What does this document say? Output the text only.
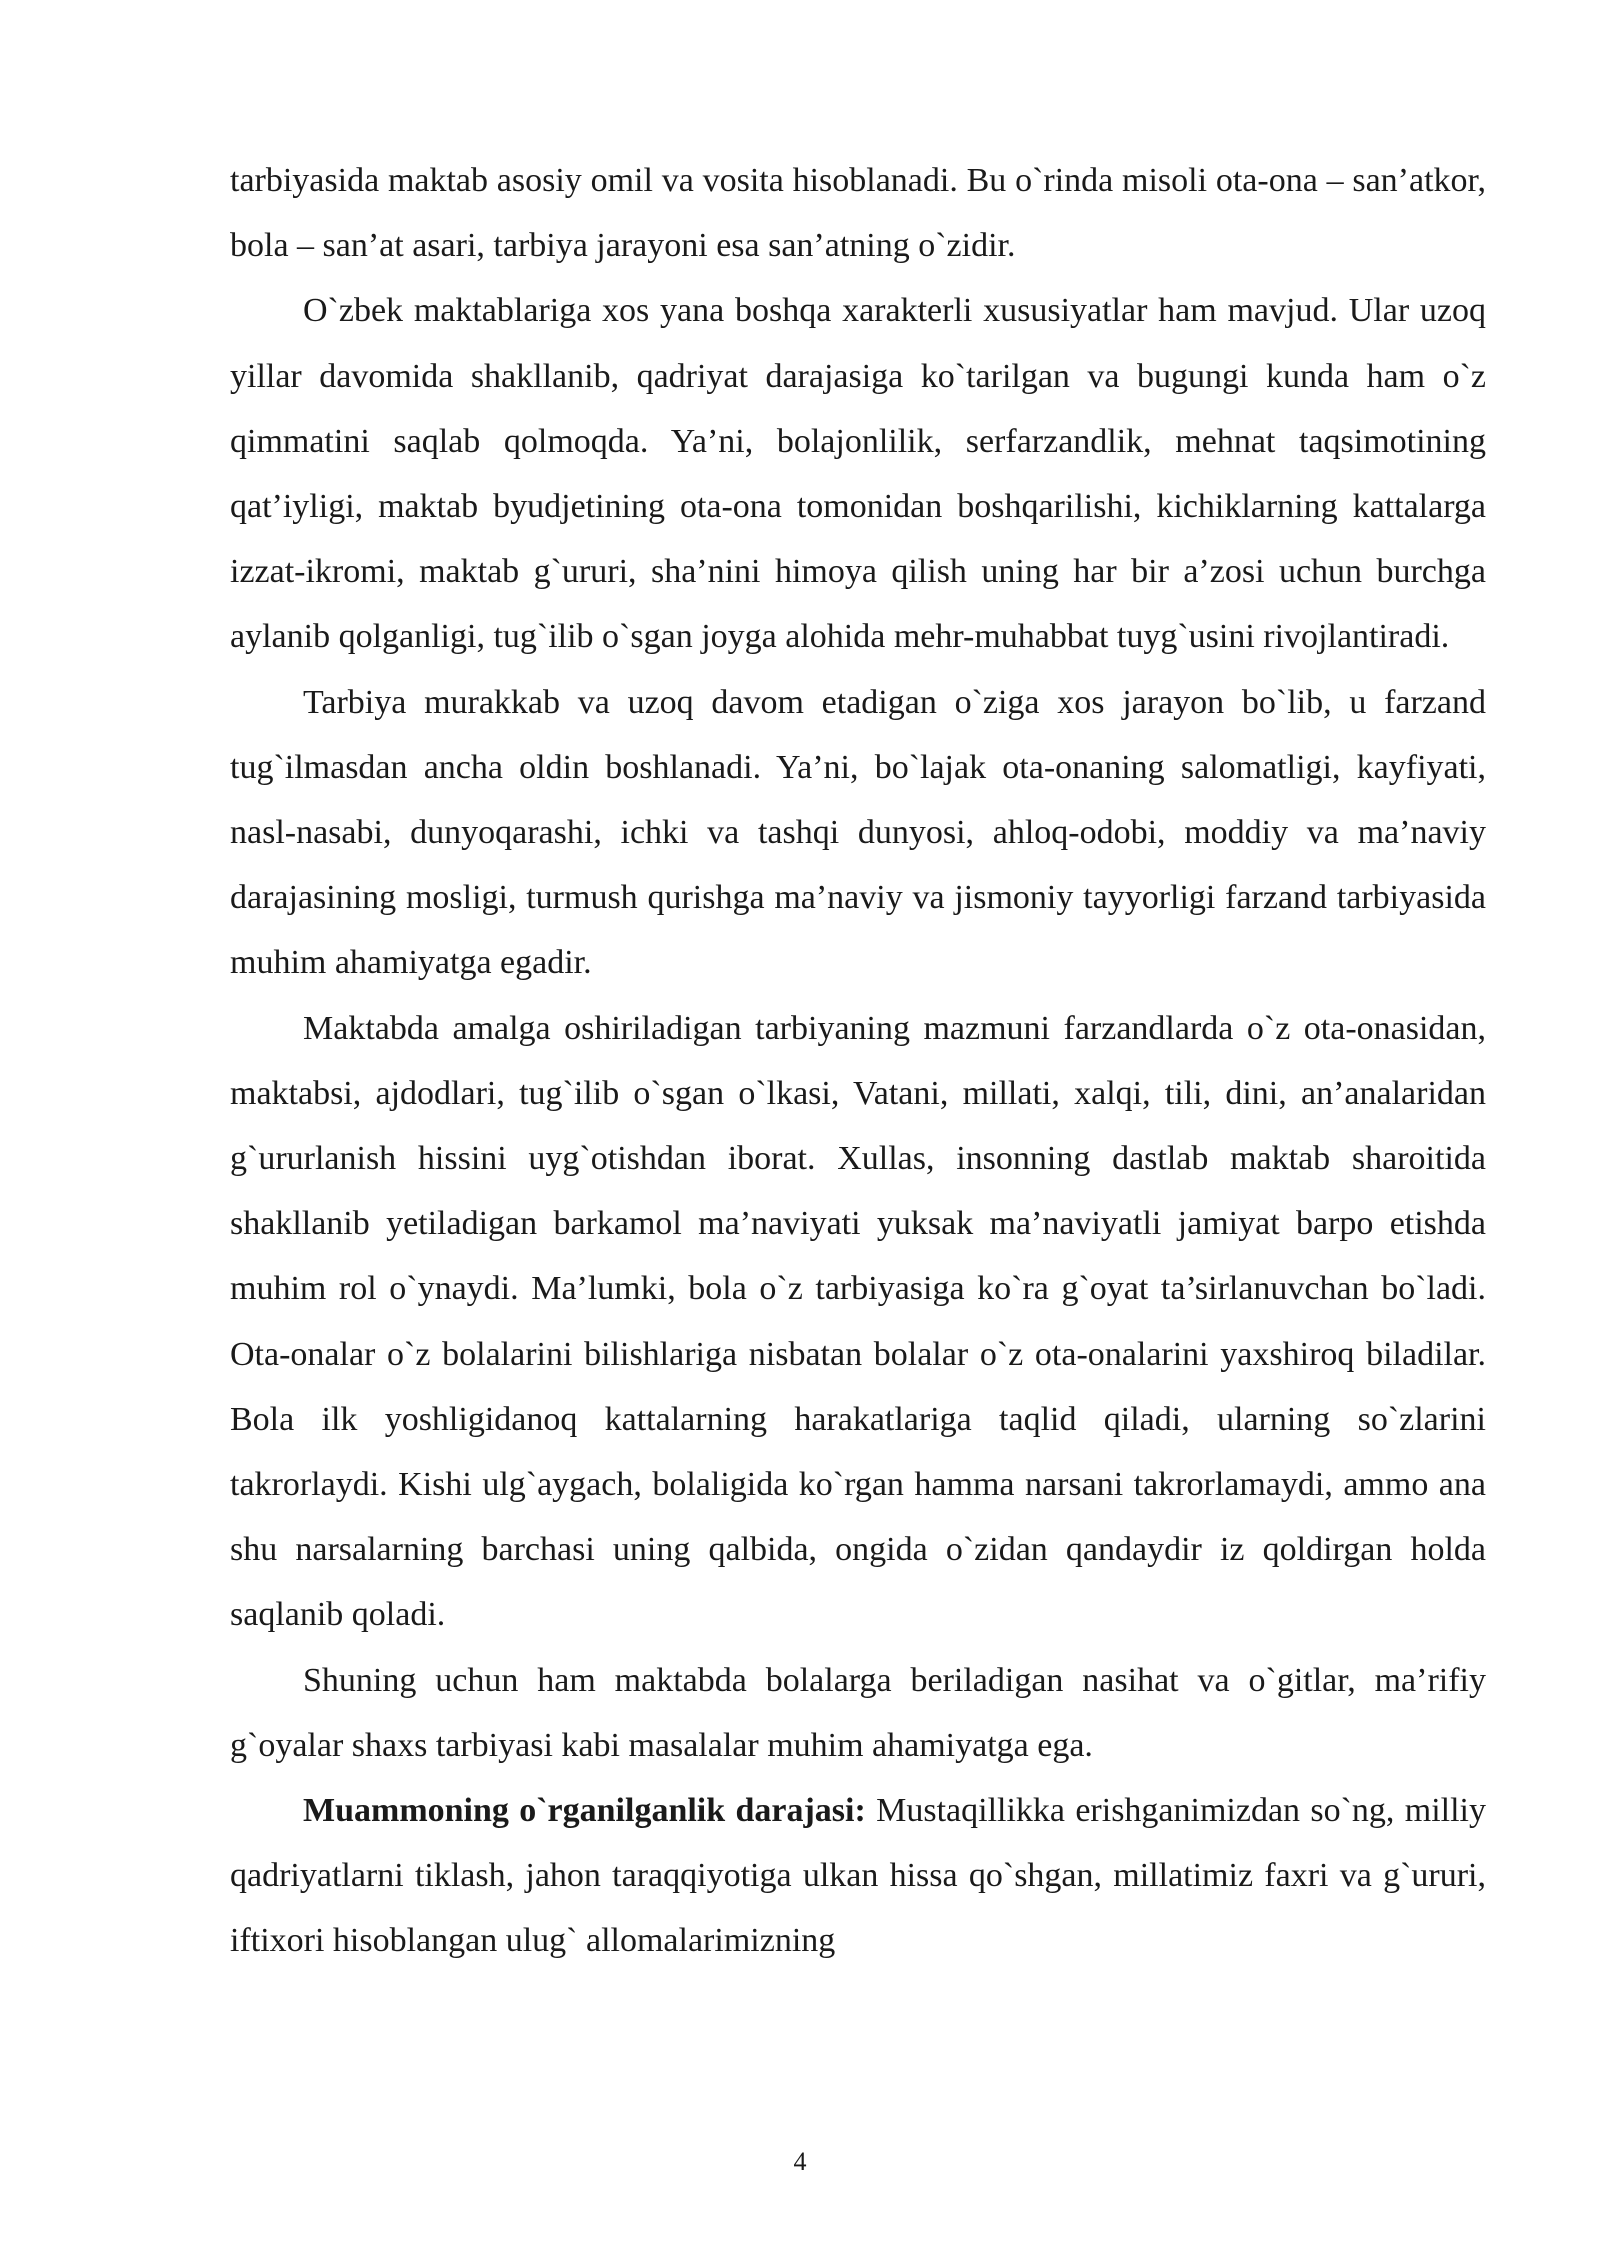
tarbiyasida maktab asosiy omil va vosita hisoblanadi. Bu o`rinda misoli ota-ona – san’atkor, bola – san’at asari, tarbiya jarayoni esa san’atning o`zidir.

O`zbek maktablariga xos yana boshqa xarakterli xususiyatlar ham mavjud. Ular uzoq yillar davomida shakllanib, qadriyat darajasiga ko`tarilgan va bugungi kunda ham o`z qimmatini saqlab qolmoqda. Ya’ni, bolajonlilik, serfarzandlik, mehnat taqsimotining qat’iyligi, maktab byudjetining ota-ona tomonidan boshqarilishi, kichiklarning kattalarga izzat-ikromi, maktab g`ururi, sha’nini himoya qilish uning har bir a’zosi uchun burchga aylanib qolganligi, tug`ilib o`sgan joyga alohida mehr-muhabbat tuyg`usini rivojlantiradi.

Tarbiya murakkab va uzoq davom etadigan o`ziga xos jarayon bo`lib, u farzand tug`ilmasdan ancha oldin boshlanadi. Ya’ni, bo`lajak ota-onaning salomatligi, kayfiyati, nasl-nasabi, dunyoqarashi, ichki va tashqi dunyosi, ahloq-odobi, moddiy va ma’naviy darajasining mosligi, turmush qurishga ma’naviy va jismoniy tayyorligi farzand tarbiyasida muhim ahamiyatga egadir.

Maktabda amalga oshiriladigan tarbiyaning mazmuni farzandlarda o`z ota-onasidan, maktabsi, ajdodlari, tug`ilib o`sgan o`lkasi, Vatani, millati, xalqi, tili, dini, an’analaridan g`ururlanish hissini uyg`otishdan iborat. Xullas, insonning dastlab maktab sharoitida shakllanib yetiladigan barkamol ma’naviyati yuksak ma’naviyatli jamiyat barpo etishda muhim rol o`ynaydi. Ma’lumki, bola o`z tarbiyasiga ko`ra g`oyat ta’sirlanuvchan bo`ladi. Ota-onalar o`z bolalarini bilishlariga nisbatan bolalar o`z ota-onalarini yaxshiroq biladilar. Bola ilk yoshligidanoq kattalarning harakatlariga taqlid qiladi, ularning so`zlarini takrorlaydi. Kishi ulg`aygach, bolaligida ko`rgan hamma narsani takrorlamaydi, ammo ana shu narsalarning barchasi uning qalbida, ongida o`zidan qandaydir iz qoldirgan holda saqlanib qoladi.

Shuning uchun ham maktabda bolalarga beriladigan nasihat va o`gitlar, ma’rifiy g`oyalar shaxs tarbiyasi kabi masalalar muhim ahamiyatga ega.

Muammoning o`rganilganlik darajasi: Mustaqillikka erishganimizdan so`ng, milliy qadriyatlarni tiklash, jahon taraqqiyotiga ulkan hissa qo`shgan, millatimiz faxri va g`ururi, iftixori hisoblangan ulug` allomalarimizning

4
